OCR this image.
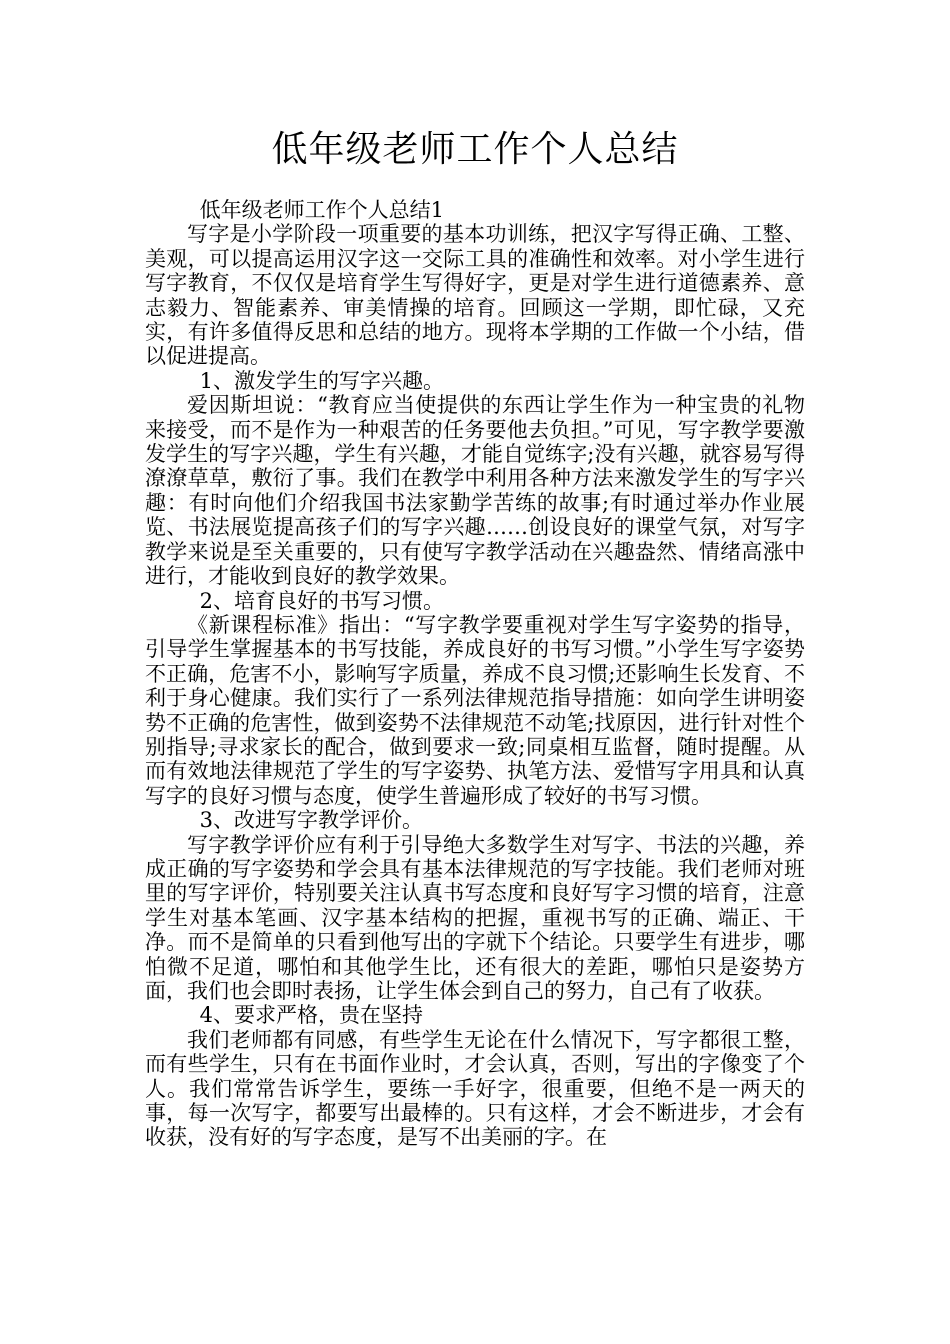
低年级老师工作个人总结

低年级老师工作个人总结1

写字是小学阶段一项重要的基本功训练，把汉字写得正确、工整、美观，可以提高运用汉字这一交际工具的准确性和效率。对小学生进行写字教育，不仅仅是培育学生写得好字，更是对学生进行道德素养、意志毅力、智能素养、审美情操的培育。回顾这一学期，即忙碌，又充实，有许多值得反思和总结的地方。现将本学期的工作做一个小结，借以促进提高。

1、激发学生的写字兴趣。

爱因斯坦说：“教育应当使提供的东西让学生作为一种宝贵的礼物来接受，而不是作为一种艰苦的任务要他去负担。”可见，写字教学要激发学生的写字兴趣，学生有兴趣，才能自觉练字;没有兴趣，就容易写得潦潦草草，敷衍了事。我们在教学中利用各种方法来激发学生的写字兴趣：有时向他们介绍我国书法家勤学苦练的故事;有时通过举办作业展览、书法展览提高孩子们的写字兴趣……创设良好的课堂气氛，对写字教学来说是至关重要的，只有使写字教学活动在兴趣盎然、情绪高涨中进行，才能收到良好的教学效果。

2、培育良好的书写习惯。

《新课程标准》指出：“写字教学要重视对学生写字姿势的指导，引导学生掌握基本的书写技能，养成良好的书写习惯。”小学生写字姿势不正确，危害不小，影响写字质量，养成不良习惯;还影响生长发育、不利于身心健康。我们实行了一系列法律规范指导措施：如向学生讲明姿势不正确的危害性，做到姿势不法律规范不动笔;找原因，进行针对性个别指导;寻求家长的配合，做到要求一致;同桌相互监督，随时提醒。从而有效地法律规范了学生的写字姿势、执笔方法、爱惜写字用具和认真写字的良好习惯与态度，使学生普遍形成了较好的书写习惯。

3、改进写字教学评价。

写字教学评价应有利于引导绝大多数学生对写字、书法的兴趣，养成正确的写字姿势和学会具有基本法律规范的写字技能。我们老师对班里的写字评价，特别要关注认真书写态度和良好写字习惯的培育，注意学生对基本笔画、汉字基本结构的把握，重视书写的正确、端正、干净。而不是简单的只看到他写出的字就下个结论。只要学生有进步，哪怕微不足道，哪怕和其他学生比，还有很大的差距，哪怕只是姿势方面，我们也会即时表扬，让学生体会到自己的努力，自己有了收获。

4、要求严格，贵在坚持

我们老师都有同感，有些学生无论在什么情况下，写字都很工整，而有些学生，只有在书面作业时，才会认真，否则，写出的字像变了个人。我们常常告诉学生，要练一手好字，很重要，但绝不是一两天的事，每一次写字，都要写出最棒的。只有这样，才会不断进步，才会有收获，没有好的写字态度，是写不出美丽的字。在
